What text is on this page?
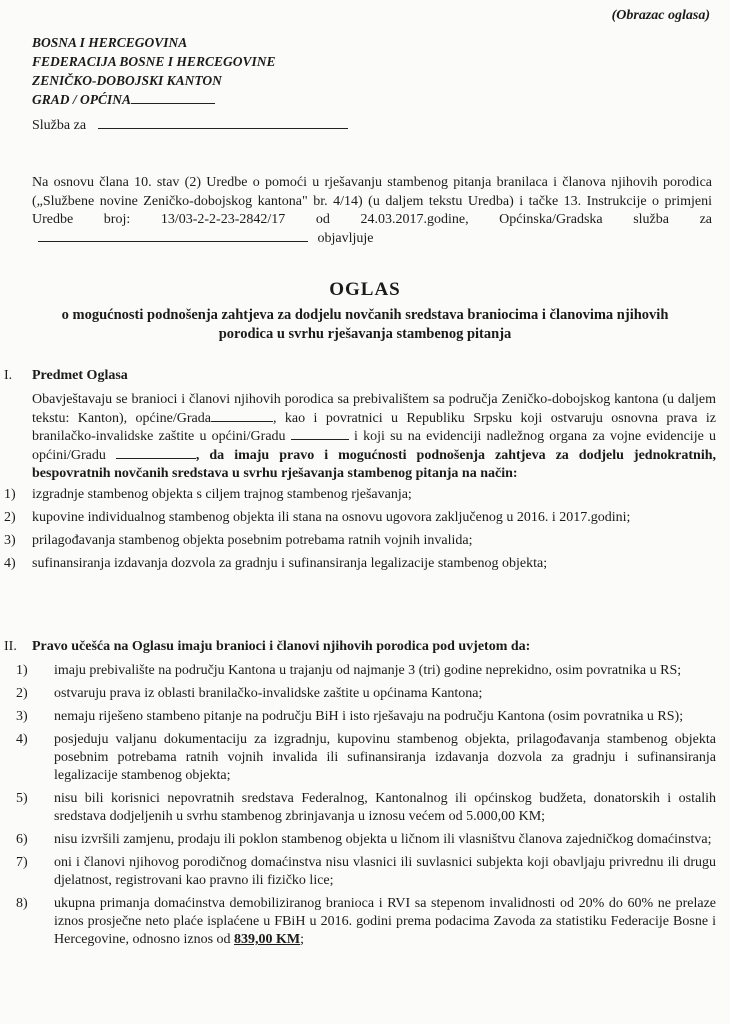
(Obrazac oglasa)
BOSNA I HERCEGOVINA
FEDERACIJA BOSNE I HERCEGOVINE
ZENIČKO-DOBOJSKI KANTON
GRAD / OPĆINA
Služba za
Na osnovu člana 10. stav (2) Uredbe o pomoći u rješavanju stambenog pitanja branilaca i članova njihovih porodica („Službene novine Zeničko-dobojskog kantona" br. 4/14) (u daljem tekstu Uredba) i tačke 13. Instrukcije o primjeni Uredbe broj: 13/03-2-2-23-2842/17 od 24.03.2017.godine, Općinska/Gradska služba za  objavljuje
OGLAS
o mogućnosti podnošenja zahtjeva za dodjelu novčanih sredstava braniocima i članovima njihovih porodica u svrhu rješavanja stambenog pitanja
I.	Predmet Oglasa
Obavještavaju se branioci i članovi njihovih porodica sa prebivalištem sa područja Zeničko-dobojskog kantona (u daljem tekstu: Kanton), općine/Grada	, kao i povratnici u Republiku Srpsku koji ostvaruju osnovna prava iz branilačko-invalidske zaštite u općini/Gradu	i koji su na evidenciji nadležnog organa za vojne evidencije u općini/Gradu	, da imaju pravo i mogućnosti podnošenja zahtjeva za dodjelu jednokratnih, bespovratnih novčanih sredstava u svrhu rješavanja stambenog pitanja na način:
1)	izgradnje stambenog objekta s ciljem trajnog stambenog rješavanja;
2)	kupovine individualnog stambenog objekta ili stana na osnovu ugovora zaključenog u 2016. i 2017.godini;
3)	prilagođavanja stambenog objekta posebnim potrebama ratnih vojnih invalida;
4)	sufinansiranja izdavanja dozvola za gradnju i sufinansiranja legalizacije stambenog objekta;
II.	Pravo učešća na Oglasu imaju branioci i članovi njihovih porodica pod uvjetom da:
1)	imaju prebivalište na području Kantona u trajanju od najmanje 3 (tri) godine neprekidno, osim povratnika u RS;
2)	ostvaruju prava iz oblasti branilačko-invalidske zaštite u općinama Kantona;
3)	nemaju riješeno stambeno pitanje na području BiH i isto rješavaju na području Kantona (osim povratnika u RS);
4)	posjeduju valjanu dokumentaciju za izgradnju, kupovinu stambenog objekta, prilagođavanja stambenog objekta posebnim potrebama ratnih vojnih invalida ili sufinansiranja izdavanja dozvola za gradnju i sufinansiranja legalizacije stambenog objekta;
5)	nisu bili korisnici nepovratnih sredstava Federalnog, Kantonalnog ili općinskog budžeta, donatorskih i ostalih sredstava dodjeljenih u svrhu stambenog zbrinjavanja u iznosu većem od 5.000,00 KM;
6)	nisu izvršili zamjenu, prodaju ili poklon stambenog objekta u ličnom ili vlasništvu članova zajedničkog domaćinstva;
7)	oni i članovi njihovog porodičnog domaćinstva nisu vlasnici ili suvlasnici subjekta koji obavljaju privrednu ili drugu djelatnost, registrovani kao pravno ili fizičko lice;
8)	ukupna primanja domaćinstva demobiliziranog branioca i RVI sa stepenom invalidnosti od 20% do 60% ne prelaze iznos prosječne neto plaće isplaćene u FBiH u 2016. godini prema podacima Zavoda za statistiku Federacije Bosne i Hercegovine, odnosno iznos od 839,00 KM;
